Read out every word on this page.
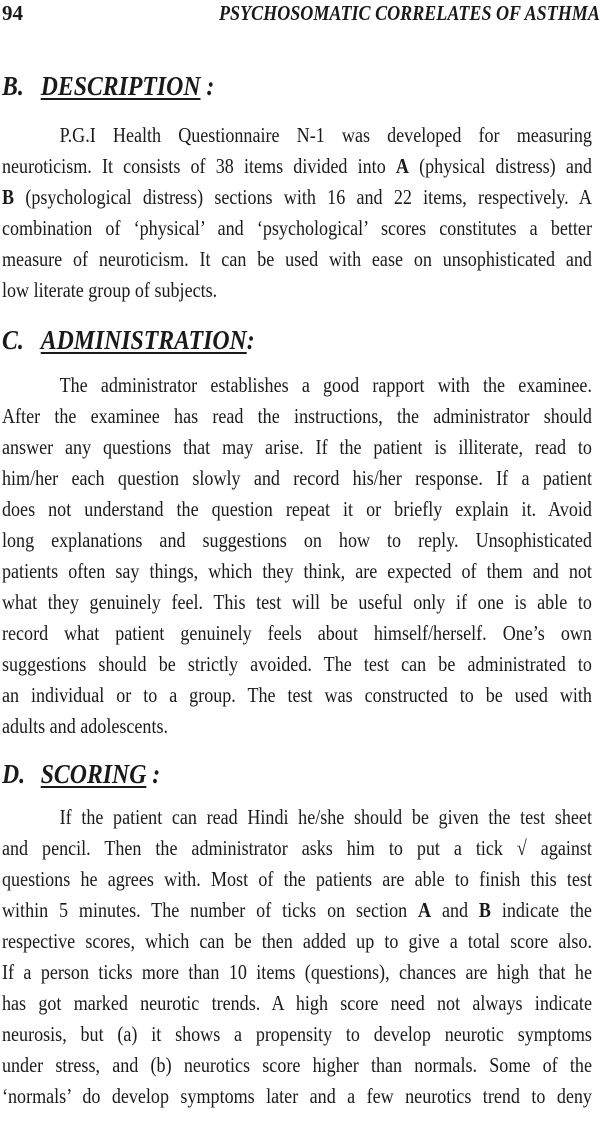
94	PSYCHOSOMATIC CORRELATES OF ASTHMA
B. DESCRIPTION :
P.G.I Health Questionnaire N-1 was developed for measuring
neuroticism. It consists of 38 items divided into A (physical distress) and
B (psychological distress) sections with 16 and 22 items, respectively. A
combination of ‘physical’ and ‘psychological’ scores constitutes a better
measure of neuroticism. It can be used with ease on unsophisticated and
low literate group of subjects.
C. ADMINISTRATION:
The administrator establishes a good rapport with the examinee.
After the examinee has read the instructions, the administrator should
answer any questions that may arise. If the patient is illiterate, read to
him/her each question slowly and record his/her response. If a patient
does not understand the question repeat it or briefly explain it. Avoid
long explanations and suggestions on how to reply. Unsophisticated
patients often say things, which they think, are expected of them and not
what they genuinely feel. This test will be useful only if one is able to
record what patient genuinely feels about himself/herself. One’s own
suggestions should be strictly avoided. The test can be administrated to
an individual or to a group. The test was constructed to be used with
adults and adolescents.
D. SCORING :
If the patient can read Hindi he/she should be given the test sheet
and pencil. Then the administrator asks him to put a tick √ against
questions he agrees with. Most of the patients are able to finish this test
within 5 minutes. The number of ticks on section A and B indicate the
respective scores, which can be then added up to give a total score also.
If a person ticks more than 10 items (questions), chances are high that he
has got marked neurotic trends. A high score need not always indicate
neurosis, but (a) it shows a propensity to develop neurotic symptoms
under stress, and (b) neurotics score higher than normals. Some of the
‘normals’ do develop symptoms later and a few neurotics trend to deny
